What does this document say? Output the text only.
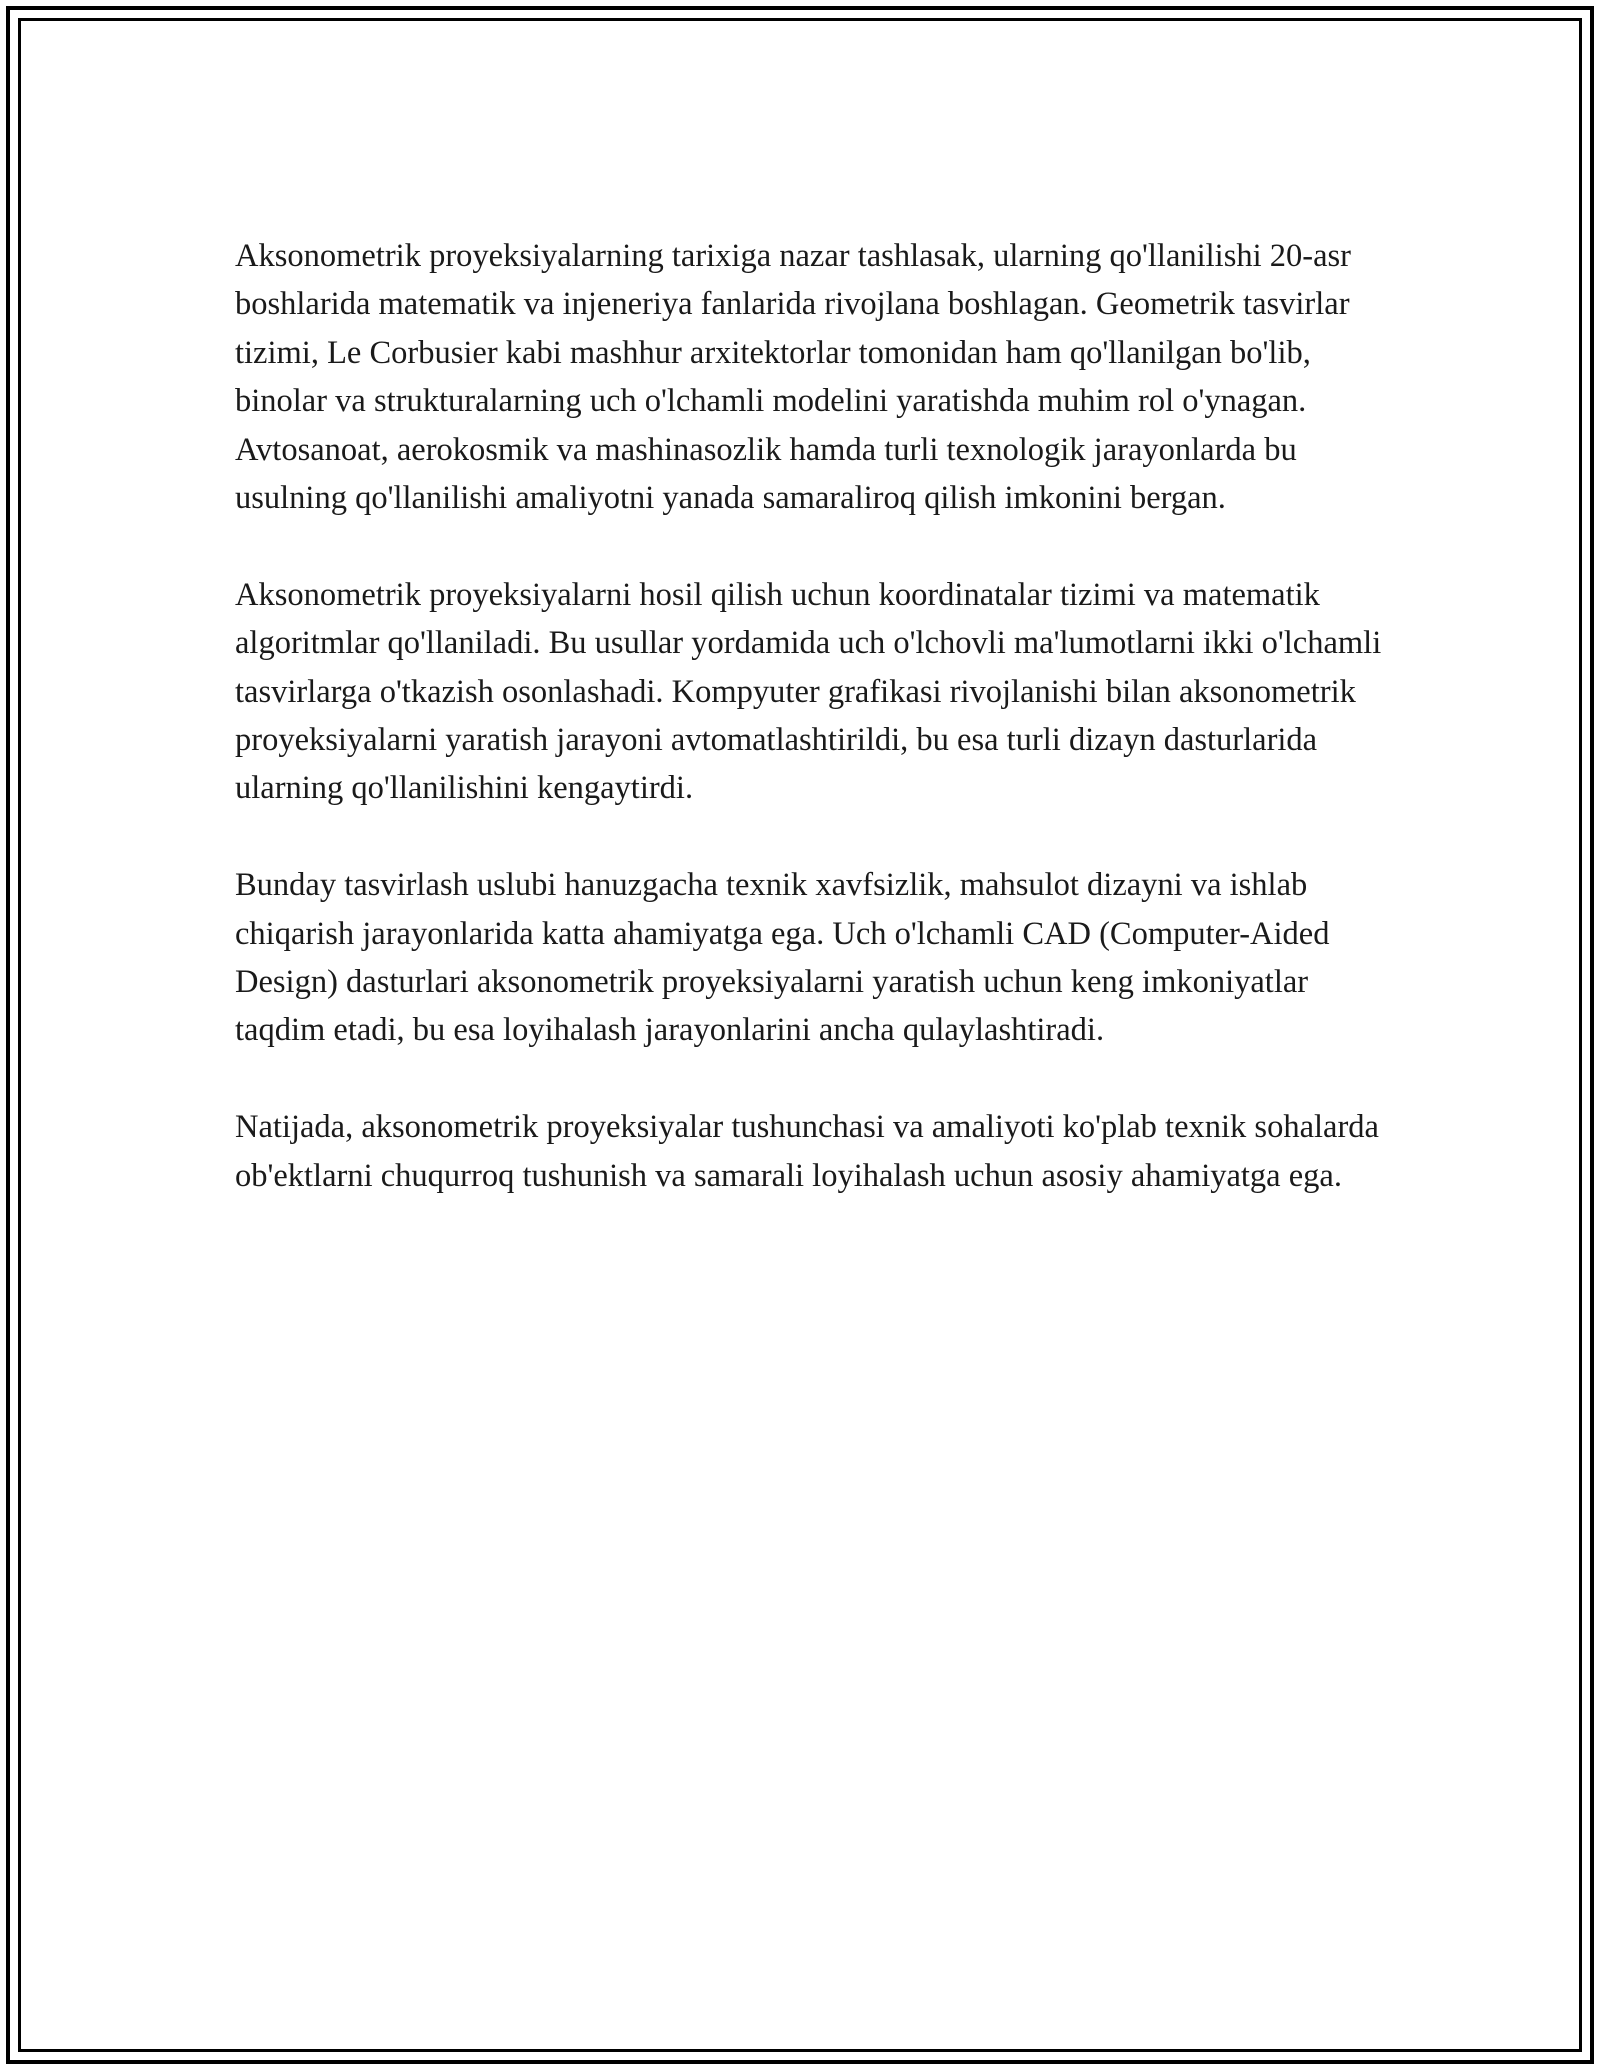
Aksonometrik proyeksiyalarning tarixiga nazar tashlasak, ularning qo'llanilishi 20-asr boshlarida matematik va injeneriya fanlarida rivojlana boshlagan. Geometrik tasvirlar tizimi, Le Corbusier kabi mashhur arxitektorlar tomonidan ham qo'llanilgan bo'lib, binolar va strukturalarning uch o'lchamli modelini yaratishda muhim rol o'ynagan. Avtosanoat, aerokosmik va mashinasozlik hamda turli texnologik jarayonlarda bu usulning qo'llanilishi amaliyotni yanada samaraliroq qilish imkonini bergan.

Aksonometrik proyeksiyalarni hosil qilish uchun koordinatalar tizimi va matematik algoritmlar qo'llaniladi. Bu usullar yordamida uch o'lchovli ma'lumotlarni ikki o'lchamli tasvirlarga o'tkazish osonlashadi. Kompyuter grafikasi rivojlanishi bilan aksonometrik proyeksiyalarni yaratish jarayoni avtomatlashtirildi, bu esa turli dizayn dasturlarida ularning qo'llanilishini kengaytirdi.

Bunday tasvirlash uslubi hanuzgacha texnik xavfsizlik, mahsulot dizayni va ishlab chiqarish jarayonlarida katta ahamiyatga ega. Uch o'lchamli CAD (Computer-Aided Design) dasturlari aksonometrik proyeksiyalarni yaratish uchun keng imkoniyatlar taqdim etadi, bu esa loyihalash jarayonlarini ancha qulaylashtiradi.

Natijada, aksonometrik proyeksiyalar tushunchasi va amaliyoti ko'plab texnik sohalarda ob'ektlarni chuqurroq tushunish va samarali loyihalash uchun asosiy ahamiyatga ega.
